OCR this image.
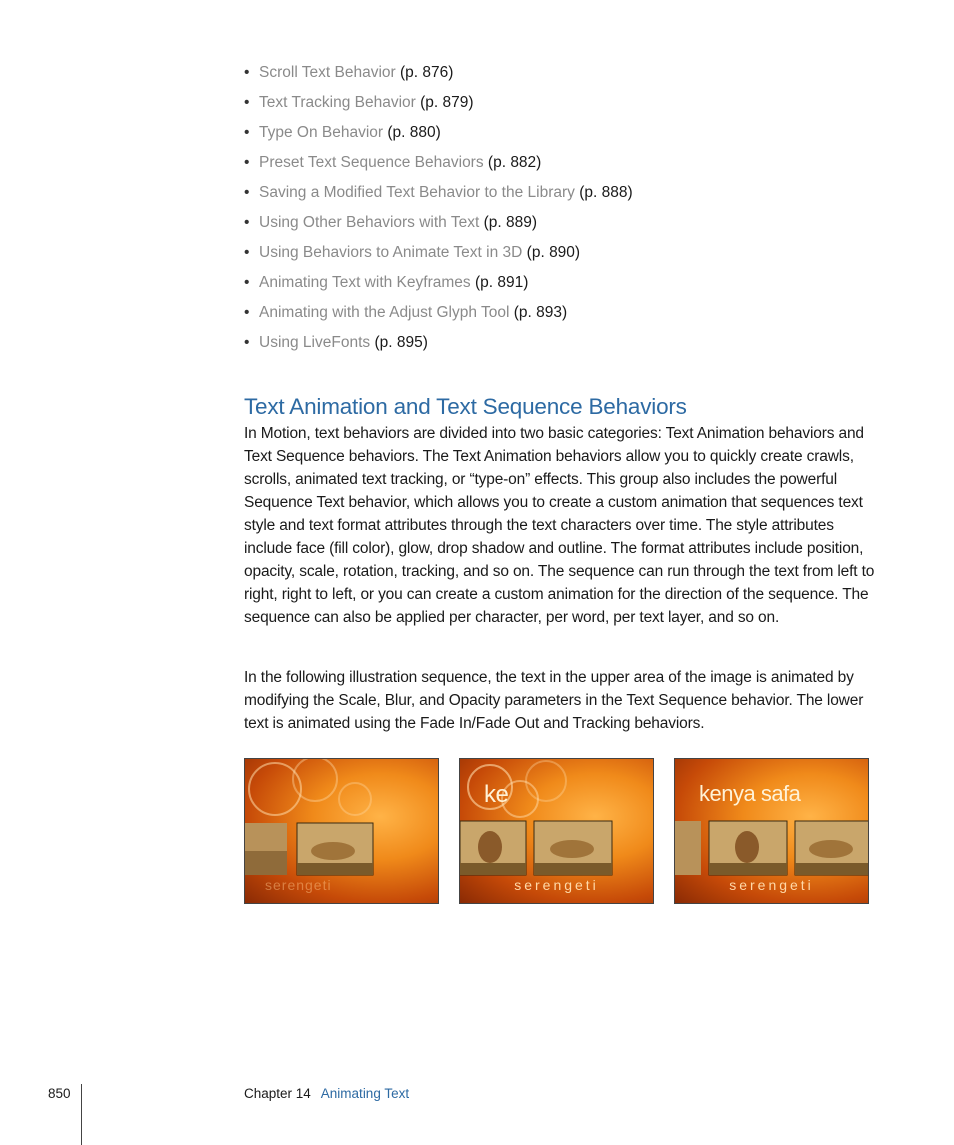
• Scroll Text Behavior (p. 876)
• Text Tracking Behavior (p. 879)
• Type On Behavior (p. 880)
• Preset Text Sequence Behaviors (p. 882)
• Saving a Modified Text Behavior to the Library (p. 888)
• Using Other Behaviors with Text (p. 889)
• Using Behaviors to Animate Text in 3D (p. 890)
• Animating Text with Keyframes (p. 891)
• Animating with the Adjust Glyph Tool (p. 893)
• Using LiveFonts (p. 895)
Text Animation and Text Sequence Behaviors

In Motion, text behaviors are divided into two basic categories: Text Animation behaviors and Text Sequence behaviors. The Text Animation behaviors allow you to quickly create crawls, scrolls, animated text tracking, or “type-on” effects. This group also includes the powerful Sequence Text behavior, which allows you to create a custom animation that sequences text style and text format attributes through the text characters over time. The style attributes include face (fill color), glow, drop shadow and outline. The format attributes include position, opacity, scale, rotation, tracking, and so on. The sequence can run through the text from left to right, right to left, or you can create a custom animation for the direction of the sequence. The sequence can also be applied per character, per word, per text layer, and so on.

In the following illustration sequence, the text in the upper area of the image is animated by modifying the Scale, Blur, and Opacity parameters in the Text Sequence behavior. The lower text is animated using the Fade In/Fade Out and Tracking behaviors.

serengeti
ke
serengeti
kenya safa
serengeti
850	Chapter 14 Animating Text
